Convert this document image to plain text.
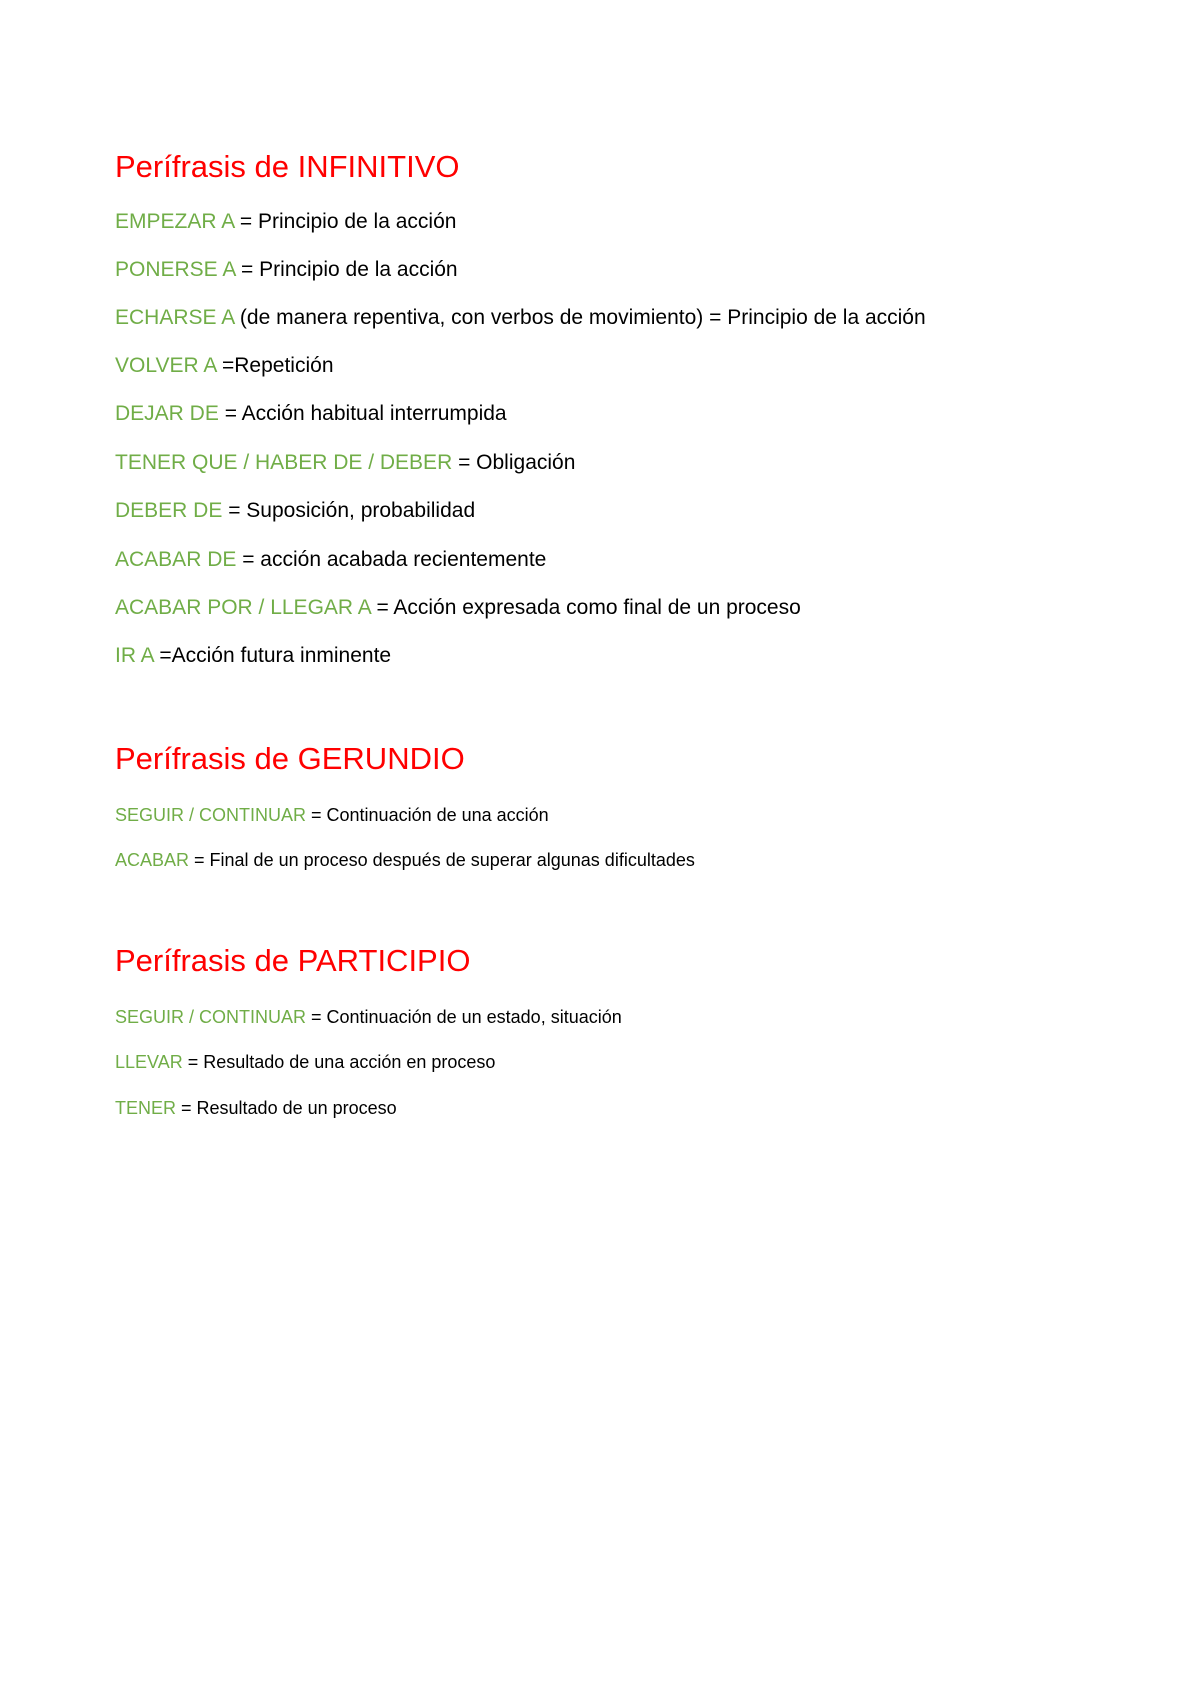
Perífrasis de INFINITIVO
EMPEZAR A = Principio de la acción
PONERSE A = Principio de la acción
ECHARSE A (de manera repentiva, con verbos de movimiento) = Principio de la acción
VOLVER A =Repetición
DEJAR DE = Acción habitual interrumpida
TENER QUE / HABER DE / DEBER = Obligación
DEBER DE = Suposición, probabilidad
ACABAR DE = acción acabada recientemente
ACABAR POR / LLEGAR A = Acción expresada como final de un proceso
IR A =Acción futura inminente
Perífrasis de GERUNDIO
SEGUIR / CONTINUAR = Continuación de una acción
ACABAR = Final de un proceso después de superar algunas dificultades
Perífrasis de PARTICIPIO
SEGUIR / CONTINUAR = Continuación de un estado, situación
LLEVAR = Resultado de una acción en proceso
TENER = Resultado de un proceso
